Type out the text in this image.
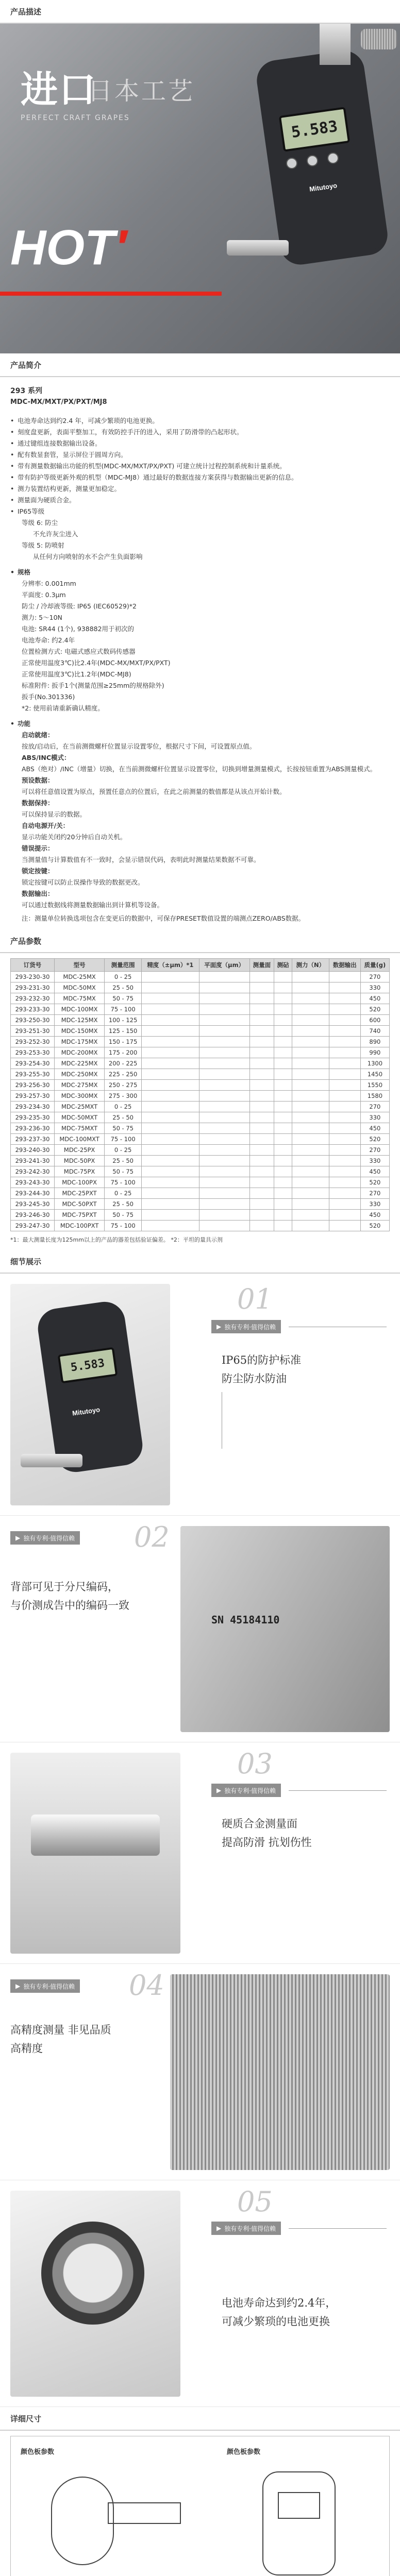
产品描述
进口
日本工艺
PERFECT CRAFT GRAPES
HOT′
5.583
Mitutoyo
产品简介
293 系列
MDC-MX/MXT/PX/PXT/MJ8
• 电池寿命达到约2.4 年，可减少繁琐的电池更换。
• 刻度盘更新，表面平整加工，有效防控手汗的进入，采用了防滑带的凸起形状。
• 通过键组连接数据输出设备。
• 配有数显套管，显示屏位于圆周方向。
• 带有测量数据输出功能的机型(MDC-MX/MXT/PX/PXT) 可建立统计过程控制系统和计量系统。
• 带有防护等级更新外观的机型（MDC-MJ8）通过最好的数据连接方案获得与数据输出更新的信息。
• 测力装置结构更新，测量更加稳定。
• 测量面为硬质合金。
• IP65等级
等级 6: 防尘
不允许灰尘进入
等级 5: 防喷射
从任何方向喷射的水不会产生负面影响
• 规格
分辨率: 0.001mm
平面度: 0.3μm
防尘 / 冷却液等级: IP65 (IEC60529)*2
测力: 5～10N
电池: SR44 (1个), 938882用于初次的
电池寿命: 约2.4年
位置检测方式: 电磁式感应式数码传感器
正常使用温度3℃)比2.4年(MDC-MX/MXT/PX/PXT)
正常使用温度3℃)比1.2年(MDC-MJ8)
标准附件: 扳手1个(测量范围≥25mm的规格除外)
扳手(No.301336)
*2: 使用前请重新确认精度。
• 功能
启动就绪：
按放/启动后，在当前测微螺杆位置显示设置零位，根据尺寸下间，可设置原点值。
ABS/INC模式：
ABS（绝对）/INC（增量）切换，在当前测微螺杆位置显示设置零位，切换到增量测量模式，长按按钮重置为ABS测量模式。
预设数据：
可以将任意值设置为原点，预置任意点的位置后，在此之前测量的数值都是从该点开始计数。
数据保持：
可以保持显示的数据。
自动电源开/关：
显示功能关闭约20分钟后自动关机。
错误提示：
当测量值与计算数值有不一致时，会显示错误代码，表明此时测量结果数据不可靠。
锁定按键：
锁定按键可以防止误操作导致的数据更改。
数据输出：
可以通过数据线将测量数据输出到计算机等设备。
注：测量单位转换选项包含在变更后的数据中，可保存PRESET数值设置的端测点ZERO/ABS数据。
产品参数
订货号	型号	测量范围	精度（±μm）*1	平面度（μm）	测量面	测砧	测力（N）	数据输出	质量(g)
293-230-30	MDC-25MX	0 - 25							270
293-231-30	MDC-50MX	25 - 50							330
293-232-30	MDC-75MX	50 - 75							450
293-233-30	MDC-100MX	75 - 100							520
293-250-30	MDC-125MX	100 - 125							600
293-251-30	MDC-150MX	125 - 150							740
293-252-30	MDC-175MX	150 - 175							890
293-253-30	MDC-200MX	175 - 200							990
293-254-30	MDC-225MX	200 - 225							1300
293-255-30	MDC-250MX	225 - 250							1450
293-256-30	MDC-275MX	250 - 275							1550
293-257-30	MDC-300MX	275 - 300							1580
293-234-30	MDC-25MXT	0 - 25							270
293-235-30	MDC-50MXT	25 - 50							330
293-236-30	MDC-75MXT	50 - 75							450
293-237-30	MDC-100MXT	75 - 100							520
293-240-30	MDC-25PX	0 - 25							270
293-241-30	MDC-50PX	25 - 50							330
293-242-30	MDC-75PX	50 - 75							450
293-243-30	MDC-100PX	75 - 100							520
293-244-30	MDC-25PXT	0 - 25							270
293-245-30	MDC-50PXT	25 - 50							330
293-246-30	MDC-75PXT	50 - 75							450
293-247-30	MDC-100PXT	75 - 100							520
*1：最大测量长度为125mm以上的产品的器差包括验证偏差。 *2：平坦的量具示剂
细节展示
5.583
Mitutoyo
01
▶ 独有专利·值得信赖
IP65的防护标准
防尘防水防油
▶ 独有专利·值得信赖 02
背部可见于分尺编码，
与价测成告中的编码一致
SN 45184110
03
▶ 独有专利·值得信赖
硬质合金测量面
提高防滑 抗划伤性
▶ 独有专利·值得信赖 04
高精度测量 非见品质
高精度
05
▶ 独有专利·值得信赖
电池寿命达到约2.4年，
可减少繁琐的电池更换
详细尺寸
颜色板参数	颜色板参数
